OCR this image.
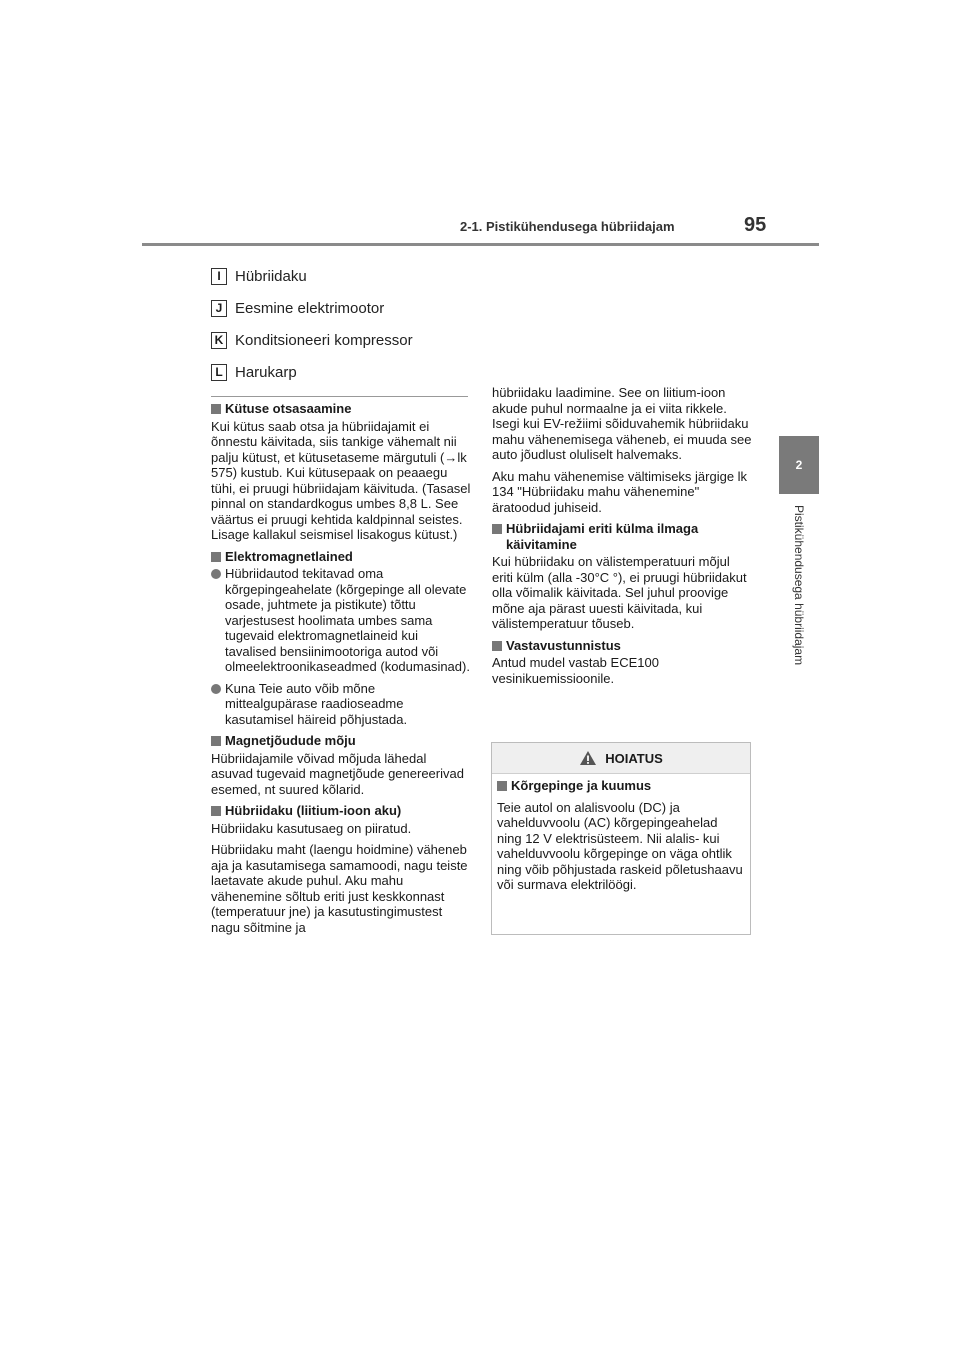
2-1. Pistikühendusega hübriidajam	95
2
Pistikühendusega hübriidajam
I Hübriidaku
J Eesmine elektrimootor
K Konditsioneeri kompressor
L Harukarp
Kütuse otsasaamine
Kui kütus saab otsa ja hübriidajamit ei õnnestu käivitada, siis tankige vähemalt nii palju kütust, et kütusetaseme märgutuli (→lk 575) kustub. Kui kütusepaak on peaaegu tühi, ei pruugi hübriidajam käivituda. (Tasasel pinnal on standardkogus umbes 8,8 L. See väärtus ei pruugi kehtida kaldpinnal seistes. Lisage kallakul seismisel lisakogus kütust.)
Elektromagnetlained
Hübriidautod tekitavad oma kõrgepingeahelate (kõrgepinge all olevate osade, juhtmete ja pistikute) tõttu varjestusest hoolimata umbes sama tugevaid elektromagnetlaineid kui tavalised bensiinimootoriga autod või olmeelektroonikaseadmed (kodumasinad).
Kuna Teie auto võib mõne mittealgupärase raadioseadme kasutamisel häireid põhjustada.
Magnetjõudude mõju
Hübriidajamile võivad mõjuda lähedal asuvad tugevaid magnetjõude genereerivad esemed, nt suured kõlarid.
Hübriidaku (liitium-ioon aku)
Hübriidaku kasutusaeg on piiratud.
Hübriidaku maht (laengu hoidmine) väheneb aja ja kasutamisega samamoodi, nagu teiste laetavate akude puhul. Aku mahu vähenemine sõltub eriti just keskkonnast (temperatuur jne) ja kasutustingimustest nagu sõitmine ja
hübriidaku laadimine. See on liitium-ioon akude puhul normaalne ja ei viita rikkele. Isegi kui EV-režiimi sõiduvahemik hübriidaku mahu vähenemisega väheneb, ei muuda see auto jõudlust oluliselt halvemaks.
Aku mahu vähenemise vältimiseks järgige lk 134 "Hübriidaku mahu vähenemine" äratoodud juhiseid.
Hübriidajami eriti külma ilmaga käivitamine
Kui hübriidaku on välistemperatuuri mõjul eriti külm (alla -30°C °), ei pruugi hübriidakut olla võimalik käivitada. Sel juhul proovige mõne aja pärast uuesti käivitada, kui välistemperatuur tõuseb.
Vastavustunnistus
Antud mudel vastab ECE100 vesinikuemissioonile.
HOIATUS
Kõrgepinge ja kuumus
Teie autol on alalisvoolu (DC) ja vahelduvvoolu (AC) kõrgepingeahelad ning 12 V elektrisüsteem. Nii alalis- kui vahelduvvoolu kõrgepinge on väga ohtlik ning võib põhjustada raskeid põletushaavu või surmava elektrilöögi.
